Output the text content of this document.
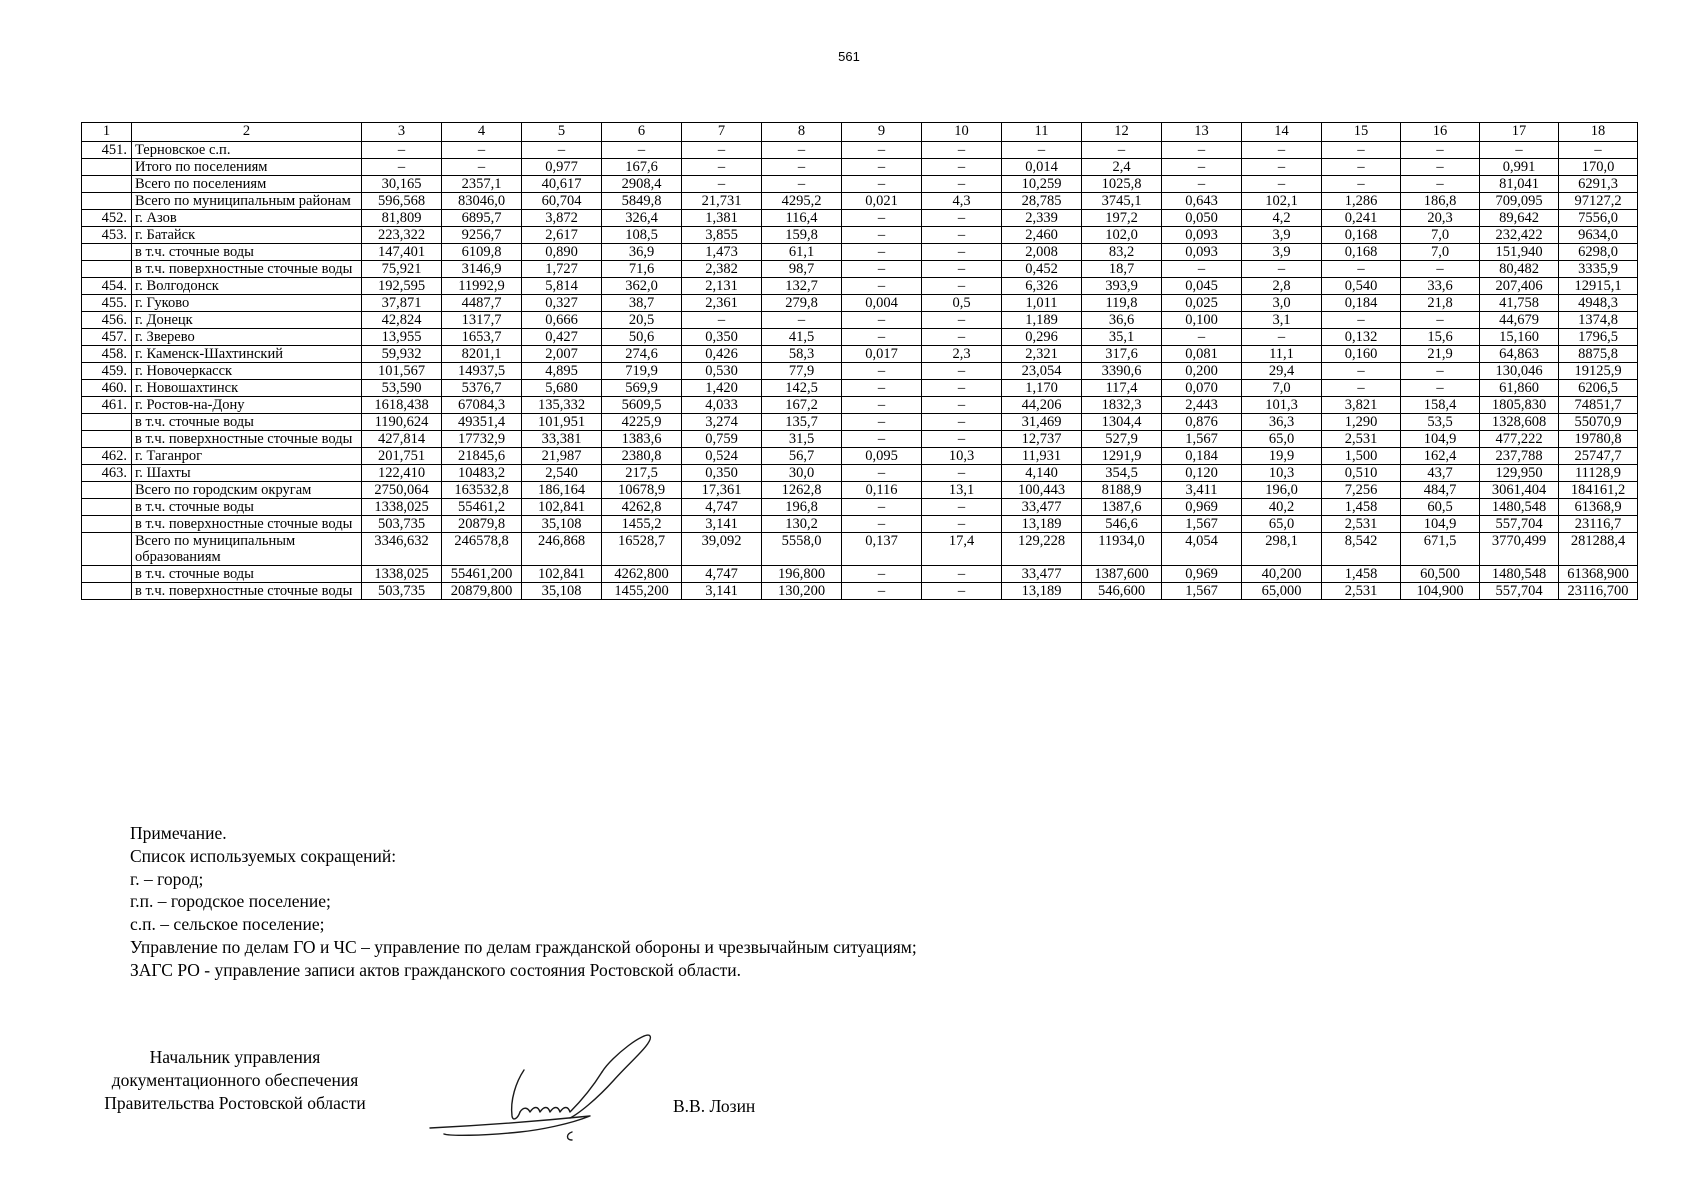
561
1	2	3	4	5	6	7	8	9	10	11	12	13	14	15	16	17	18
451.	Терновское с.п.	–	–	–	–	–	–	–	–	–	–	–	–	–	–	–	–
	Итого по поселениям	–	–	0,977	167,6	–	–	–	–	0,014	2,4	–	–	–	–	0,991	170,0
	Всего по поселениям	30,165	2357,1	40,617	2908,4	–	–	–	–	10,259	1025,8	–	–	–	–	81,041	6291,3
	Всего по муниципальным районам	596,568	83046,0	60,704	5849,8	21,731	4295,2	0,021	4,3	28,785	3745,1	0,643	102,1	1,286	186,8	709,095	97127,2
452.	г. Азов	81,809	6895,7	3,872	326,4	1,381	116,4	–	–	2,339	197,2	0,050	4,2	0,241	20,3	89,642	7556,0
453.	г. Батайск	223,322	9256,7	2,617	108,5	3,855	159,8	–	–	2,460	102,0	0,093	3,9	0,168	7,0	232,422	9634,0
	в т.ч. сточные воды	147,401	6109,8	0,890	36,9	1,473	61,1	–	–	2,008	83,2	0,093	3,9	0,168	7,0	151,940	6298,0
	в т.ч. поверхностные сточные воды	75,921	3146,9	1,727	71,6	2,382	98,7	–	–	0,452	18,7	–	–	–	–	80,482	3335,9
454.	г. Волгодонск	192,595	11992,9	5,814	362,0	2,131	132,7	–	–	6,326	393,9	0,045	2,8	0,540	33,6	207,406	12915,1
455.	г. Гуково	37,871	4487,7	0,327	38,7	2,361	279,8	0,004	0,5	1,011	119,8	0,025	3,0	0,184	21,8	41,758	4948,3
456.	г. Донецк	42,824	1317,7	0,666	20,5	–	–	–	–	1,189	36,6	0,100	3,1	–	–	44,679	1374,8
457.	г. Зверево	13,955	1653,7	0,427	50,6	0,350	41,5	–	–	0,296	35,1	–	–	0,132	15,6	15,160	1796,5
458.	г. Каменск-Шахтинский	59,932	8201,1	2,007	274,6	0,426	58,3	0,017	2,3	2,321	317,6	0,081	11,1	0,160	21,9	64,863	8875,8
459.	г. Новочеркасск	101,567	14937,5	4,895	719,9	0,530	77,9	–	–	23,054	3390,6	0,200	29,4	–	–	130,046	19125,9
460.	г. Новошахтинск	53,590	5376,7	5,680	569,9	1,420	142,5	–	–	1,170	117,4	0,070	7,0	–	–	61,860	6206,5
461.	г. Ростов-на-Дону	1618,438	67084,3	135,332	5609,5	4,033	167,2	–	–	44,206	1832,3	2,443	101,3	3,821	158,4	1805,830	74851,7
	в т.ч. сточные воды	1190,624	49351,4	101,951	4225,9	3,274	135,7	–	–	31,469	1304,4	0,876	36,3	1,290	53,5	1328,608	55070,9
	в т.ч. поверхностные сточные воды	427,814	17732,9	33,381	1383,6	0,759	31,5	–	–	12,737	527,9	1,567	65,0	2,531	104,9	477,222	19780,8
462.	г. Таганрог	201,751	21845,6	21,987	2380,8	0,524	56,7	0,095	10,3	11,931	1291,9	0,184	19,9	1,500	162,4	237,788	25747,7
463.	г. Шахты	122,410	10483,2	2,540	217,5	0,350	30,0	–	–	4,140	354,5	0,120	10,3	0,510	43,7	129,950	11128,9
	Всего по городским округам	2750,064	163532,8	186,164	10678,9	17,361	1262,8	0,116	13,1	100,443	8188,9	3,411	196,0	7,256	484,7	3061,404	184161,2
	в т.ч. сточные воды	1338,025	55461,2	102,841	4262,8	4,747	196,8	–	–	33,477	1387,6	0,969	40,2	1,458	60,5	1480,548	61368,9
	в т.ч. поверхностные сточные воды	503,735	20879,8	35,108	1455,2	3,141	130,2	–	–	13,189	546,6	1,567	65,0	2,531	104,9	557,704	23116,7
	Всего по муниципальным образованиям	3346,632	246578,8	246,868	16528,7	39,092	5558,0	0,137	17,4	129,228	11934,0	4,054	298,1	8,542	671,5	3770,499	281288,4
	в т.ч. сточные воды	1338,025	55461,200	102,841	4262,800	4,747	196,800	–	–	33,477	1387,600	0,969	40,200	1,458	60,500	1480,548	61368,900
	в т.ч. поверхностные сточные воды	503,735	20879,800	35,108	1455,200	3,141	130,200	–	–	13,189	546,600	1,567	65,000	2,531	104,900	557,704	23116,700
Примечание.
Список используемых сокращений:
г. – город;
г.п. – городское поселение;
с.п. – сельское поселение;
Управление по делам ГО и ЧС – управление по делам гражданской обороны и чрезвычайным ситуациям;
ЗАГС РО - управление записи актов гражданского состояния Ростовской области.
Начальник управления
документационного обеспечения
Правительства Ростовской области	В.В. Лозин
